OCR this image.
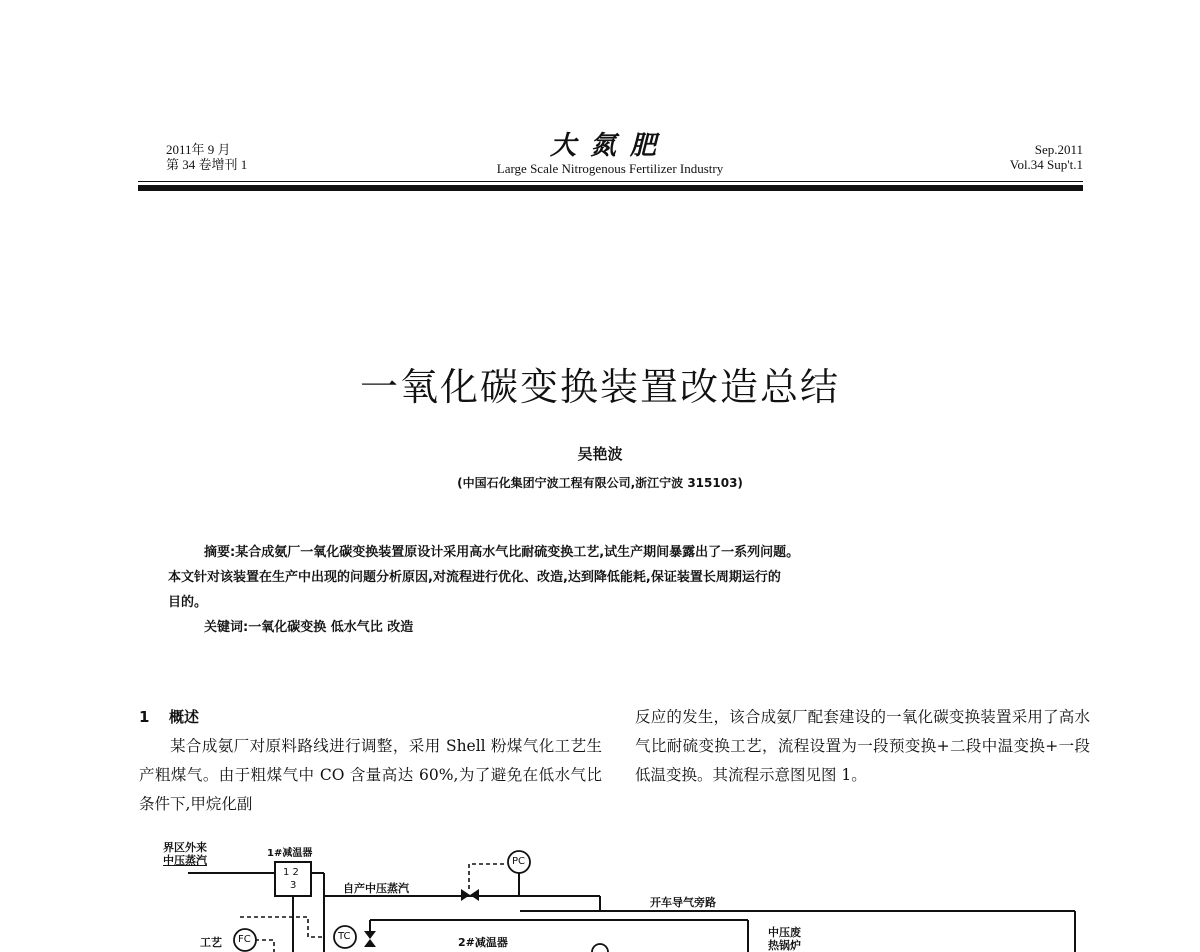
2011年 9 月
第 34 卷增刊 1
大氮肥
Large Scale Nitrogenous Fertilizer Industry
Sep.2011
Vol.34 Sup't.1
一氧化碳变换装置改造总结
吴艳波
(中国石化集团宁波工程有限公司,浙江宁波 315103)

摘要:某合成氨厂一氧化碳变换装置原设计采用高水气比耐硫变换工艺,试生产期间暴露出了一系列问题。

本文针对该装置在生产中出现的问题分析原因,对流程进行优化、改造,达到降低能耗,保证装置长周期运行的

目的。

关键词:一氧化碳变换 低水气比 改造

1 概述

某合成氨厂对原料路线进行调整，采用 Shell 粉煤气化工艺生产粗煤气。由于粗煤气中 CO 含量高达 60%,为了避免在低水气比条件下,甲烷化副

反应的发生，该合成氨厂配套建设的一氧化碳变换装置采用了高水气比耐硫变换工艺，流程设置为一段预变换+二段中温变换+一段低温变换。其流程示意图见图 1。

界区外来
中压蒸汽
1#减温器
1 2
3	自产中压蒸汽
PC
开车导气旁路
FC
工艺	TC	2#减温器
中压废
热锅炉
